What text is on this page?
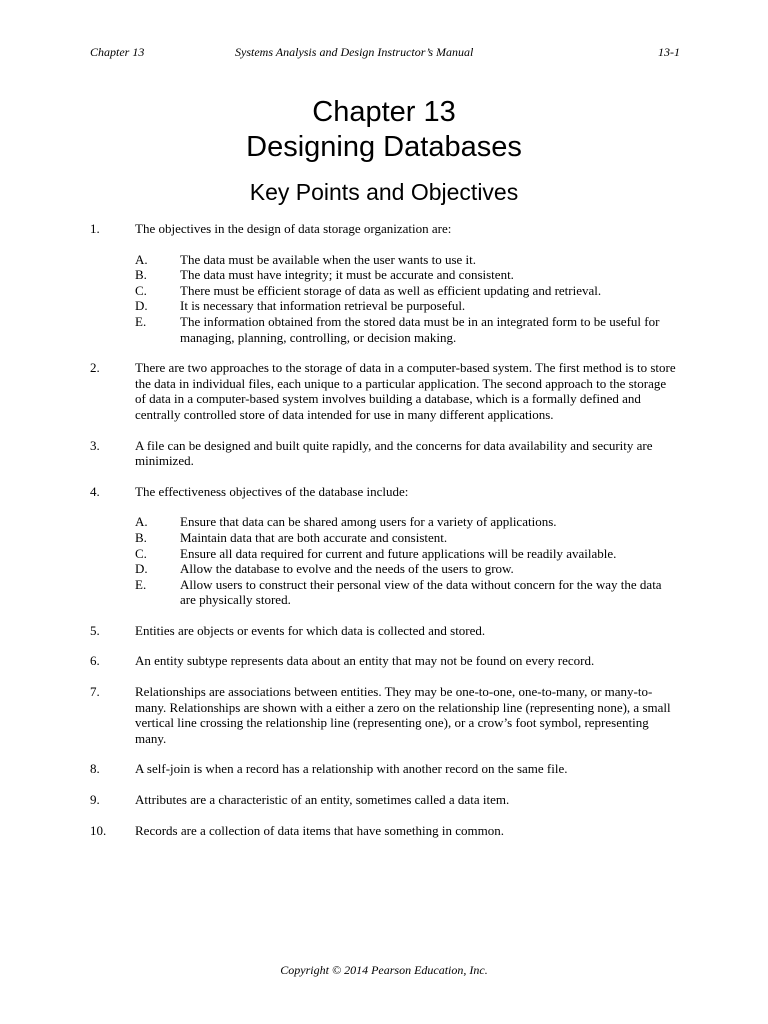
Chapter 13	Systems Analysis and Design Instructor’s Manual	13-1
Chapter 13
Designing Databases
Key Points and Objectives
1.	The objectives in the design of data storage organization are:
A. The data must be available when the user wants to use it.
B.	The data must have integrity; it must be accurate and consistent.
C.	There must be efficient storage of data as well as efficient updating and retrieval.
D. It is necessary that information retrieval be purposeful.
E.	The information obtained from the stored data must be in an integrated form to be useful for managing, planning, controlling, or decision making.
2.	There are two approaches to the storage of data in a computer-based system. The first method is to store the data in individual files, each unique to a particular application. The second approach to the storage of data in a computer-based system involves building a database, which is a formally defined and centrally controlled store of data intended for use in many different applications.
3.	A file can be designed and built quite rapidly, and the concerns for data availability and security are minimized.
4.	The effectiveness objectives of the database include:
A. Ensure that data can be shared among users for a variety of applications.
B.	Maintain data that are both accurate and consistent.
C.	Ensure all data required for current and future applications will be readily available.
D. Allow the database to evolve and the needs of the users to grow.
E.	Allow users to construct their personal view of the data without concern for the way the data are physically stored.
5.	Entities are objects or events for which data is collected and stored.
6.	An entity subtype represents data about an entity that may not be found on every record.
7.	Relationships are associations between entities. They may be one-to-one, one-to-many, or many-to-many. Relationships are shown with a either a zero on the relationship line (representing none), a small vertical line crossing the relationship line (representing one), or a crow’s foot symbol, representing many.
8.	A self-join is when a record has a relationship with another record on the same file.
9.	Attributes are a characteristic of an entity, sometimes called a data item.
10. Records are a collection of data items that have something in common.
Copyright © 2014 Pearson Education, Inc.
